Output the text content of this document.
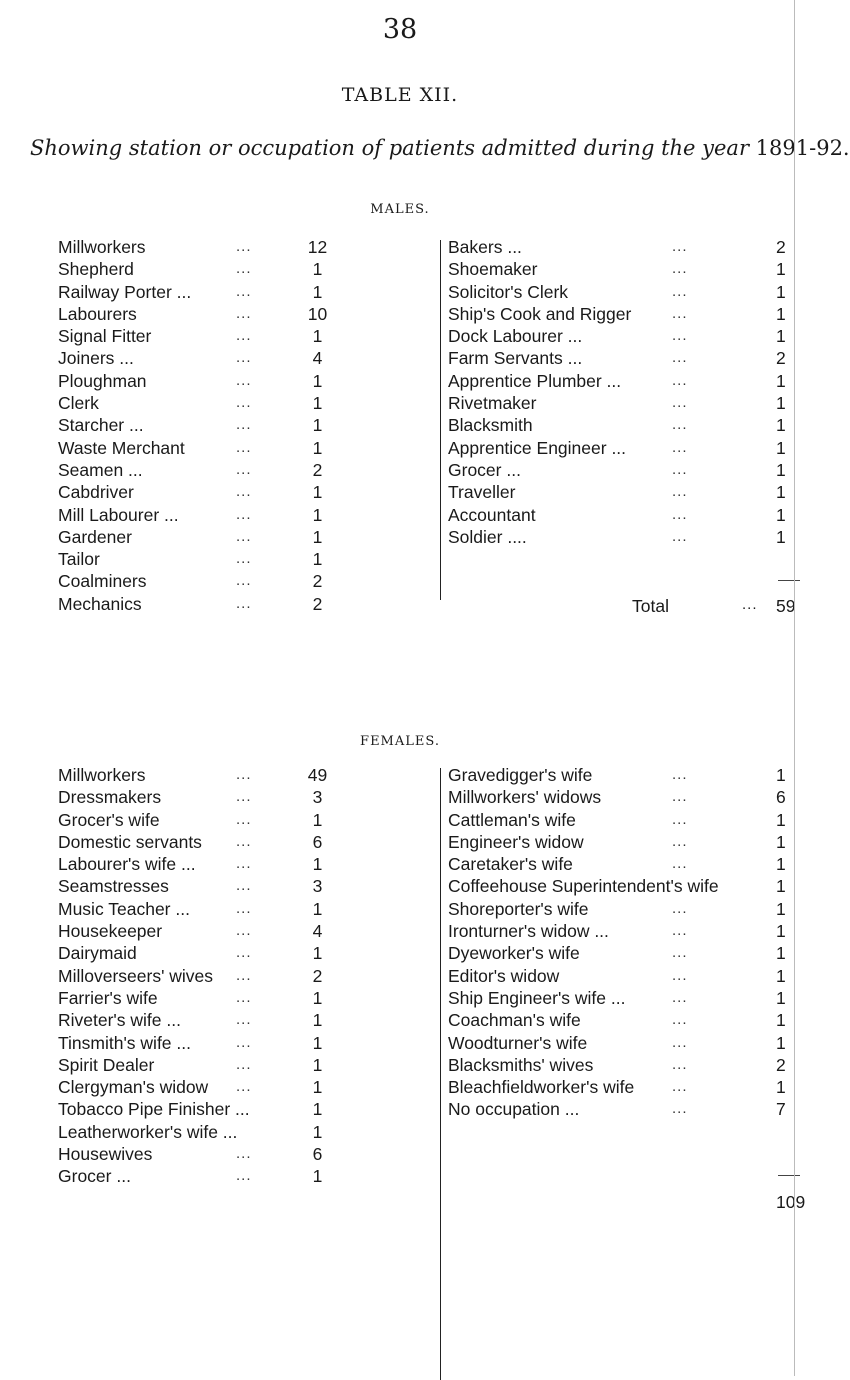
38
TABLE XII.
Showing station or occupation of patients admitted during the year 1891-92.
MALES.
Millworkers	...	12
Shepherd	...	1
Railway Porter ...	...	1
Labourers	...	10
Signal Fitter	...	1
Joiners ...	...	4
Ploughman	...	1
Clerk	...	1
Starcher ...	...	1
Waste Merchant	...	1
Seamen ...	...	2
Cabdriver	...	1
Mill Labourer ...	...	1
Gardener	...	1
Tailor	...	1
Coalminers	...	2
Mechanics	...	2
Bakers ...	...	2
Shoemaker	...	1
Solicitor's Clerk	...	1
Ship's Cook and Rigger	...	1
Dock Labourer ...	...	1
Farm Servants ...	...	2
Apprentice Plumber ...	...	1
Rivetmaker	...	1
Blacksmith	...	1
Apprentice Engineer ...	...	1
Grocer ...	...	1
Traveller	...	1
Accountant	...	1
Soldier ....	...	1
Total	... 59
FEMALES.
Millworkers	...	49
Dressmakers	...	3
Grocer's wife	...	1
Domestic servants ...	6
Labourer's wife ...	...	1
Seamstresses	...	3
Music Teacher ...	...	1
Housekeeper	...	4
Dairymaid	...	1
Milloverseers' wives ...	2
Farrier's wife	...	1
Riveter's wife ...	...	1
Tinsmith's wife ...	...	1
Spirit Dealer	...	1
Clergyman's widow ...	1
Tobacco Pipe Finisher ...	1
Leatherworker's wife ...	1
Housewives	...	6
Grocer ...	...	1
Gravedigger's wife	...	1
Millworkers' widows	...	6
Cattleman's wife	...	1
Engineer's widow	...	1
Caretaker's wife	...	1
Coffeehouse Superintendent's wife	1
Shoreporter's wife	...	1
Ironturner's widow ...	...	1
Dyeworker's wife	...	1
Editor's widow	...	1
Ship Engineer's wife ...	...	1
Coachman's wife	...	1
Woodturner's wife	...	1
Blacksmiths' wives	...	2
Bleachfieldworker's wife	...	1
No occupation ...	...	7
109
